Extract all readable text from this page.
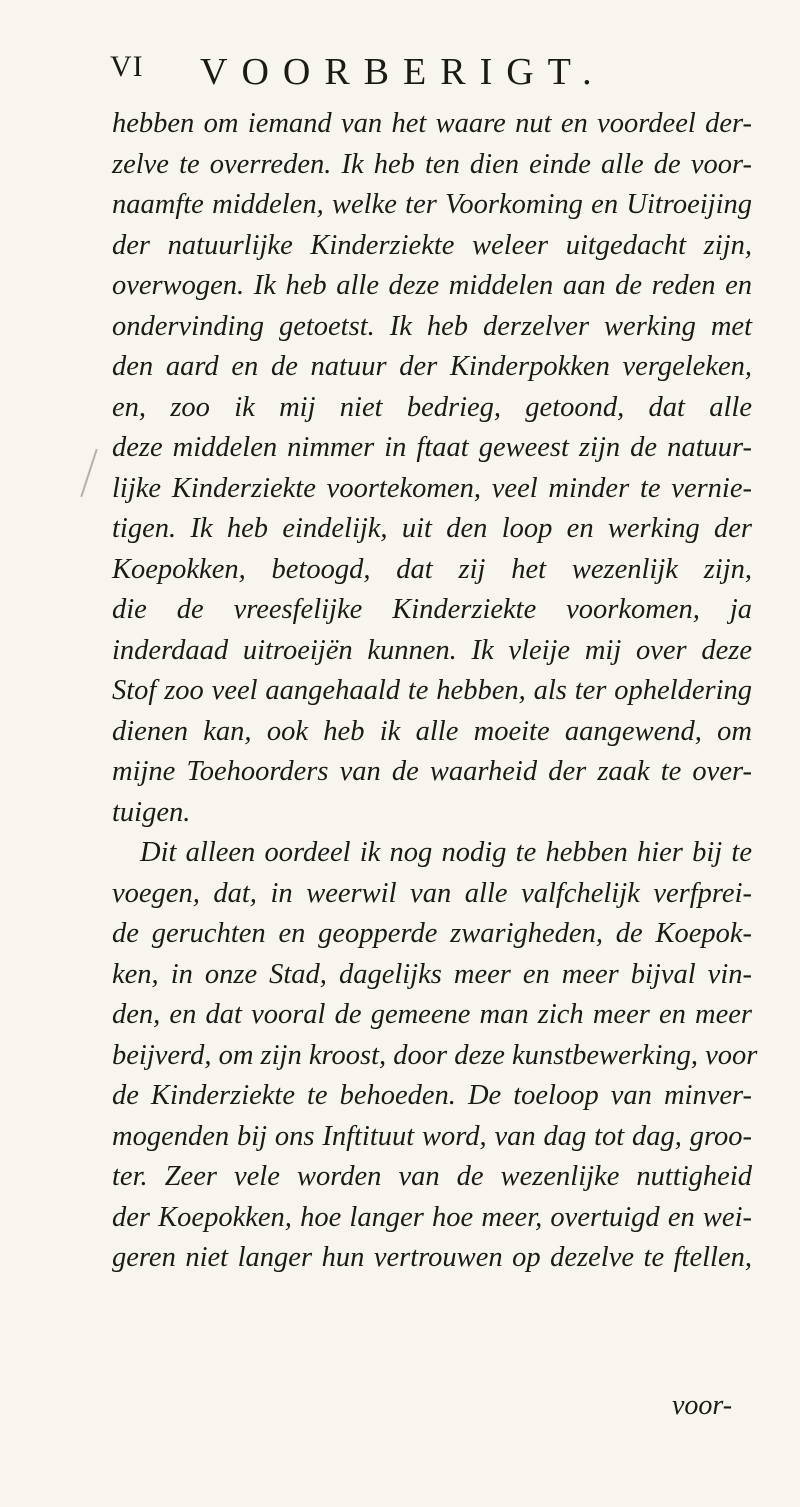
VI VOORBERIGT.
hebben om iemand van het waare nut en voordeel der-
zelve te overreden. Ik heb ten dien einde alle de voor-
naamfte middelen, welke ter Voorkoming en Uitroeijing
der natuurlijke Kinderziekte weleer uitgedacht zijn,
overwogen. Ik heb alle deze middelen aan de reden en
ondervinding getoetst. Ik heb derzelver werking met
den aard en de natuur der Kinderpokken vergeleken,
en, zoo ik mij niet bedrieg, getoond, dat alle
deze middelen nimmer in ftaat geweest zijn de natuur-
lijke Kinderziekte voortekomen, veel minder te vernie-
tigen. Ik heb eindelijk, uit den loop en werking der
Koepokken, betoogd, dat zij het wezenlijk zijn,
die de vreesfelijke Kinderziekte voorkomen, ja
inderdaad uitroeijën kunnen. Ik vleije mij over deze
Stof zoo veel aangehaald te hebben, als ter opheldering
dienen kan, ook heb ik alle moeite aangewend, om
mijne Toehoorders van de waarheid der zaak te over-
tuigen.
Dit alleen oordeel ik nog nodig te hebben hier bij te
voegen, dat, in weerwil van alle valfchelijk verfprei-
de geruchten en geopperde zwarigheden, de Koepok-
ken, in onze Stad, dagelijks meer en meer bijval vin-
den, en dat vooral de gemeene man zich meer en meer
beijverd, om zijn kroost, door deze kunstbewerking, voor
de Kinderziekte te behoeden. De toeloop van minver-
mogenden bij ons Inftituut word, van dag tot dag, groo-
ter. Zeer vele worden van de wezenlijke nuttigheid
der Koepokken, hoe langer hoe meer, overtuigd en wei-
geren niet langer hun vertrouwen op dezelve te ftellen,
voor-
